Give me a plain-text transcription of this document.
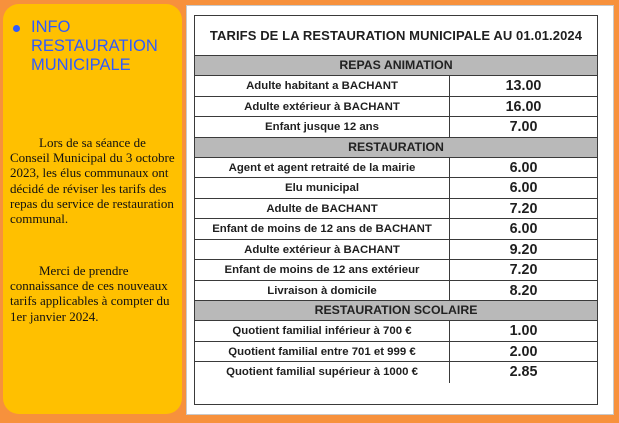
INFO
RESTAURATION
MUNICIPALE
Lors de sa séance de Conseil Municipal du 3 octobre 2023, les élus communaux ont décidé de réviser les tarifs des repas du service de restauration communal.
Merci de prendre connaissance de ces nouveaux tarifs applicables à compter du 1er janvier 2024.
TARIFS DE LA RESTAURATION MUNICIPALE AU 01.01.2024
REPAS ANIMATION
Adulte habitant a BACHANT	13.00
Adulte extérieur à BACHANT	16.00
Enfant jusque 12 ans	7.00
RESTAURATION
Agent et agent retraité de la mairie	6.00
Elu municipal	6.00
Adulte de BACHANT	7.20
Enfant de moins de 12 ans de BACHANT	6.00
Adulte extérieur à BACHANT	9.20
Enfant de moins de 12 ans extérieur	7.20
Livraison à domicile	8.20
RESTAURATION SCOLAIRE
Quotient familial inférieur à 700 €	1.00
Quotient familial entre 701 et 999 €	2.00
Quotient familial supérieur à 1000 €	2.85
